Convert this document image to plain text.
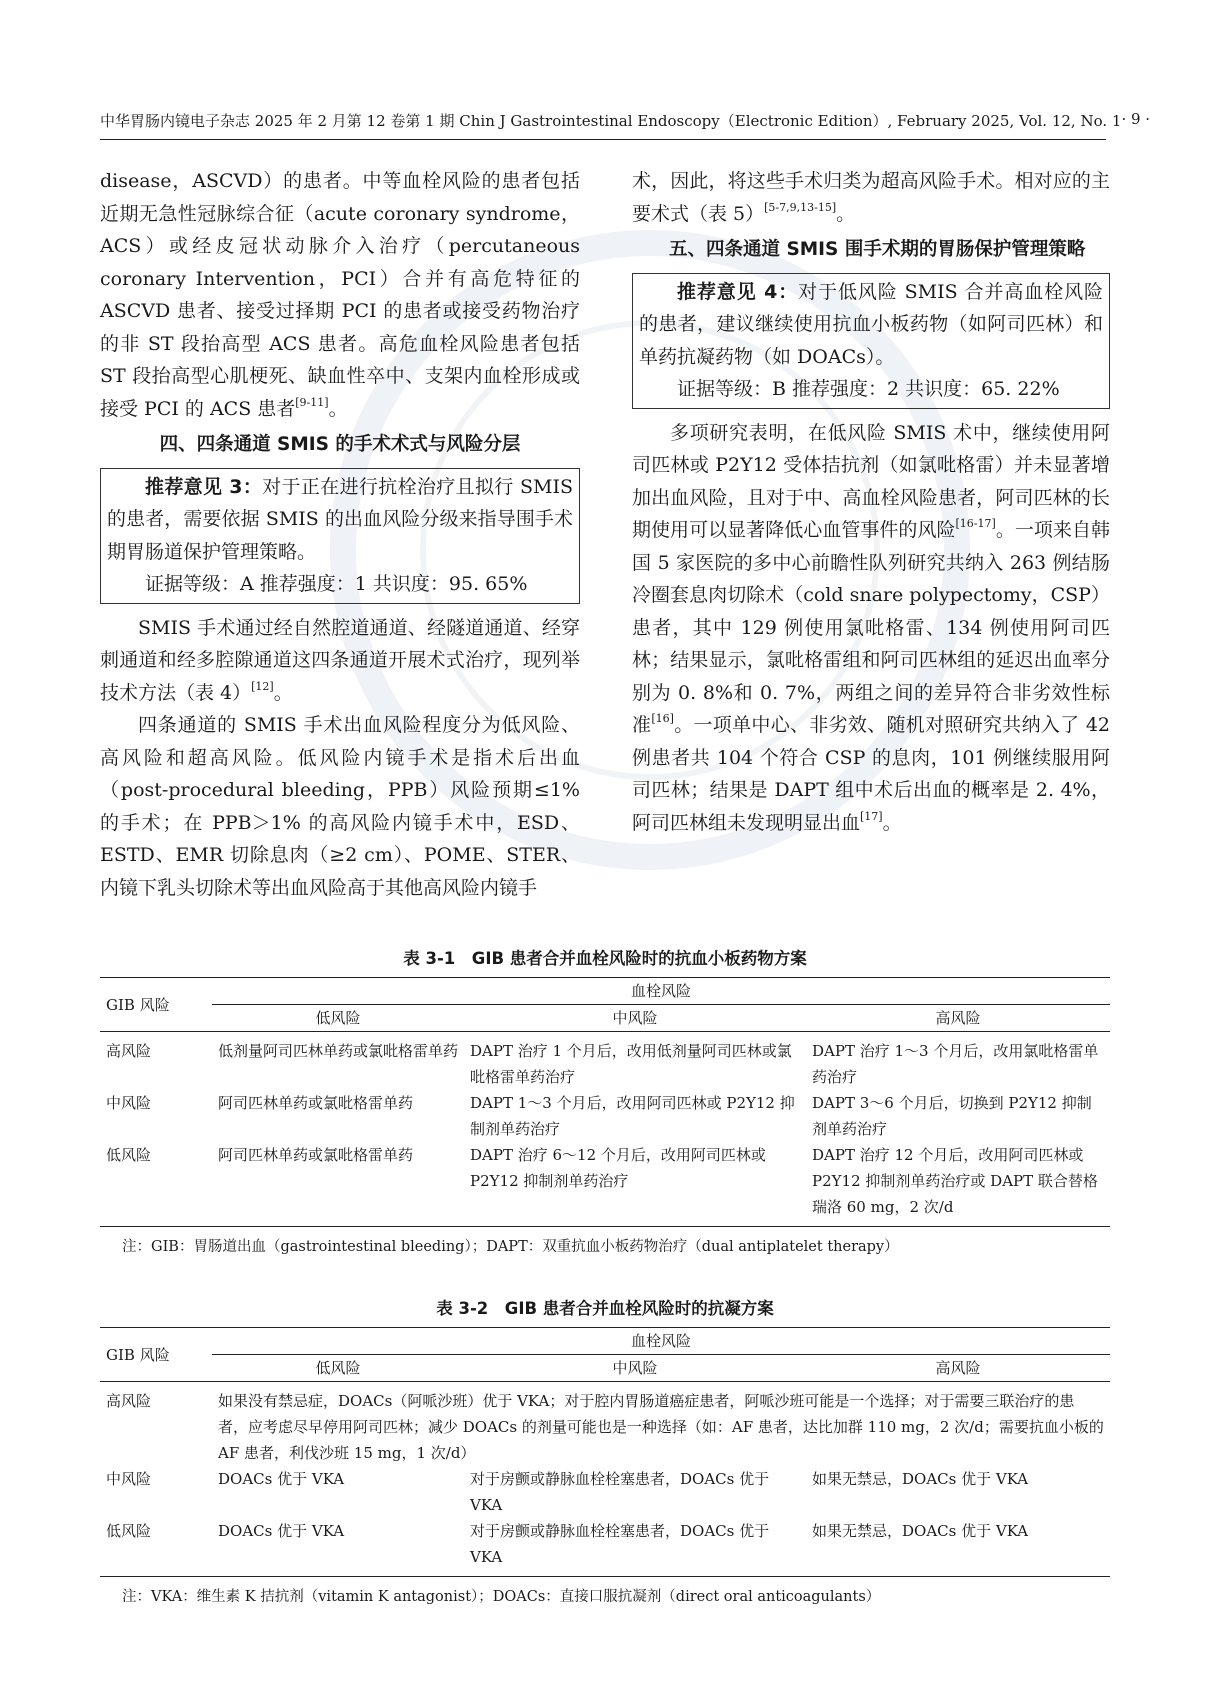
中华胃肠内镜电子杂志 2025 年 2 月第 12 卷第 1 期 Chin J Gastrointestinal Endoscopy（Electronic Edition）, February 2025, Vol. 12, No. 1 · 9 ·

disease，ASCVD）的患者。中等血栓风险的患者包括近期无急性冠脉综合征（acute coronary syndrome，ACS）或经皮冠状动脉介入治疗（percutaneous coronary Intervention，PCI）合并有高危特征的 ASCVD 患者、接受过择期 PCI 的患者或接受药物治疗的非 ST 段抬高型 ACS 患者。高危血栓风险患者包括 ST 段抬高型心肌梗死、缺血性卒中、支架内血栓形成或接受 PCI 的 ACS 患者[9-11]。

四、四条通道 SMIS 的手术术式与风险分层

推荐意见 3：对于正在进行抗栓治疗且拟行 SMIS 的患者，需要依据 SMIS 的出血风险分级来指导围手术期胃肠道保护管理策略。

证据等级：A 推荐强度：1 共识度：95. 65%

SMIS 手术通过经自然腔道通道、经隧道通道、经穿刺通道和经多腔隙通道这四条通道开展术式治疗，现列举技术方法（表 4）[12]。

四条通道的 SMIS 手术出血风险程度分为低风险、高风险和超高风险。低风险内镜手术是指术后出血（post-procedural bleeding，PPB）风险预期≤1% 的手术；在 PPB＞1% 的高风险内镜手术中，ESD、ESTD、EMR 切除息肉（≥2 cm）、POME、STER、内镜下乳头切除术等出血风险高于其他高风险内镜手

术，因此，将这些手术归类为超高风险手术。相对应的主要术式（表 5）[5-7,9,13-15]。

五、四条通道 SMIS 围手术期的胃肠保护管理策略

推荐意见 4：对于低风险 SMIS 合并高血栓风险的患者，建议继续使用抗血小板药物（如阿司匹林）和单药抗凝药物（如 DOACs）。

证据等级：B 推荐强度：2 共识度：65. 22%

多项研究表明，在低风险 SMIS 术中，继续使用阿司匹林或 P2Y12 受体拮抗剂（如氯吡格雷）并未显著增加出血风险，且对于中、高血栓风险患者，阿司匹林的长期使用可以显著降低心血管事件的风险[16-17]。一项来自韩国 5 家医院的多中心前瞻性队列研究共纳入 263 例结肠冷圈套息肉切除术（cold snare polypectomy，CSP）患者，其中 129 例使用氯吡格雷、134 例使用阿司匹林；结果显示，氯吡格雷组和阿司匹林组的延迟出血率分别为 0. 8%和 0. 7%，两组之间的差异符合非劣效性标准[16]。一项单中心、非劣效、随机对照研究共纳入了 42 例患者共 104 个符合 CSP 的息肉，101 例继续服用阿司匹林；结果是 DAPT 组中术后出血的概率是 2. 4%，阿司匹林组未发现明显出血[17]。

表 3-1　GIB 患者合并血栓风险时的抗血小板药物方案
GIB 风险	血栓风险		
	低风险	中风险	高风险
高风险	低剂量阿司匹林单药或氯吡格雷单药	DAPT 治疗 1 个月后，改用低剂量阿司匹林或氯吡格雷单药治疗	DAPT 治疗 1～3 个月后，改用氯吡格雷单药治疗
中风险	阿司匹林单药或氯吡格雷单药	DAPT 1～3 个月后，改用阿司匹林或 P2Y12 抑制剂单药治疗	DAPT 3～6 个月后，切换到 P2Y12 抑制剂单药治疗
低风险	阿司匹林单药或氯吡格雷单药	DAPT 治疗 6～12 个月后，改用阿司匹林或 P2Y12 抑制剂单药治疗	DAPT 治疗 12 个月后，改用阿司匹林或 P2Y12 抑制剂单药治疗或 DAPT 联合替格瑞洛 60 mg，2 次/d
注：GIB：胃肠道出血（gastrointestinal bleeding）；DAPT：双重抗血小板药物治疗（dual antiplatelet therapy）
表 3-2　GIB 患者合并血栓风险时的抗凝方案
GIB 风险	血栓风险		
	低风险	中风险	高风险
高风险	如果没有禁忌症，DOACs（阿哌沙班）优于 VKA；对于腔内胃肠道癌症患者，阿哌沙班可能是一个选择；对于需要三联治疗的患者，应考虑尽早停用阿司匹林；减少 DOACs 的剂量可能也是一种选择（如：AF 患者，达比加群 110 mg，2 次/d；需要抗血小板的 AF 患者，利伐沙班 15 mg，1 次/d）		
中风险	DOACs 优于 VKA	对于房颤或静脉血栓栓塞患者，DOACs 优于 VKA	如果无禁忌，DOACs 优于 VKA
低风险	DOACs 优于 VKA	对于房颤或静脉血栓栓塞患者，DOACs 优于 VKA	如果无禁忌，DOACs 优于 VKA
注：VKA：维生素 K 拮抗剂（vitamin K antagonist）；DOACs：直接口服抗凝剂（direct oral anticoagulants）
